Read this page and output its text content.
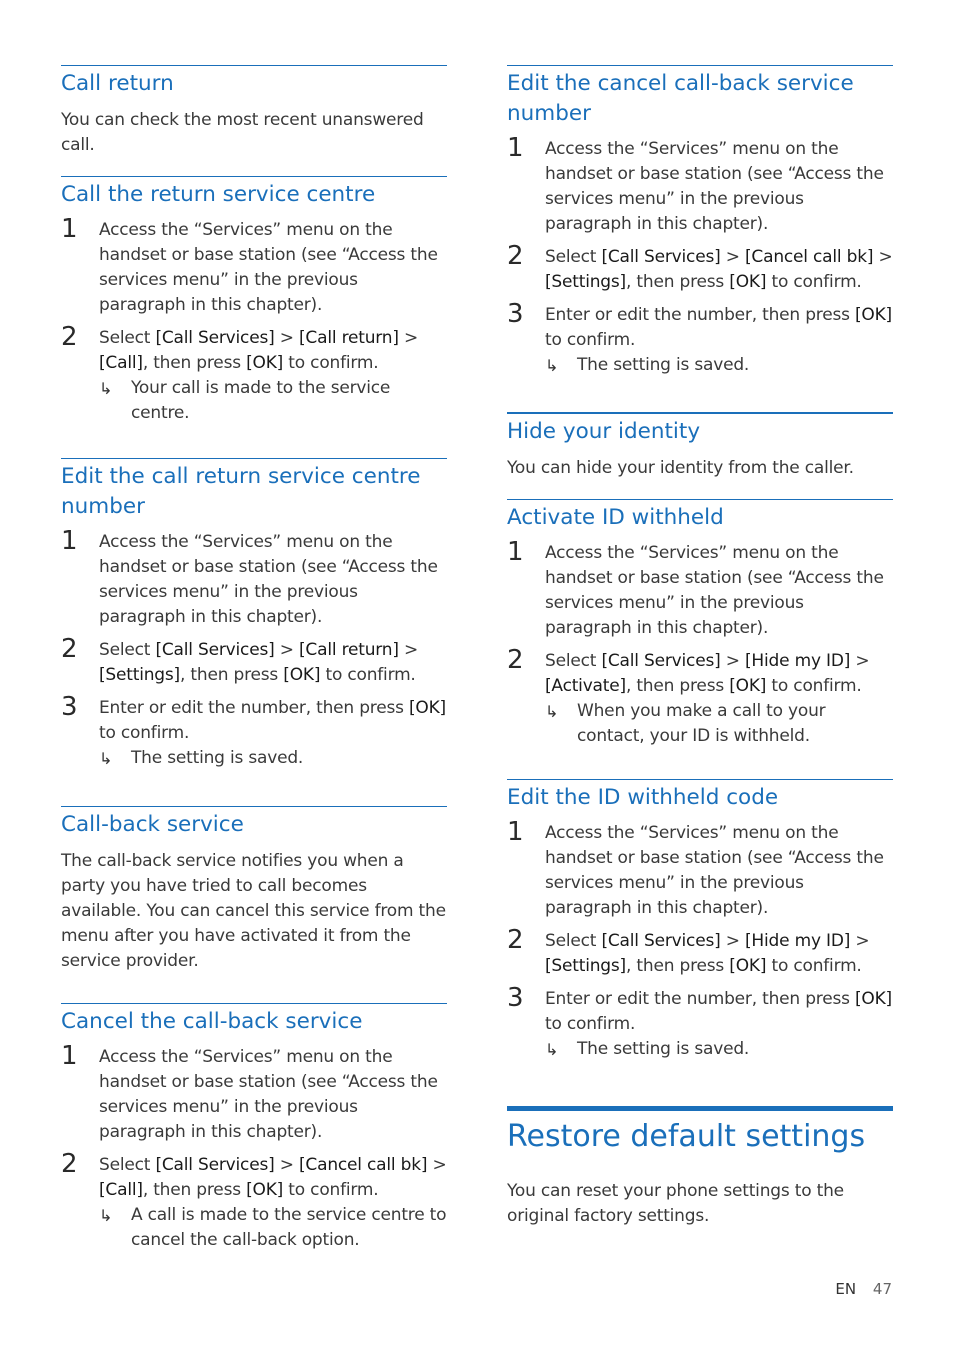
Call return

You can check the most recent unanswered call.

Call the return service centre
1	Access the “Services” menu on the handset or base station (see “Access the services menu” in the previous paragraph in this chapter).
2	Select [Call Services] > [Call return] > [Call], then press [OK] to confirm.
↳	Your call is made to the service centre.
Edit the call return service centre number
1	Access the “Services” menu on the handset or base station (see “Access the services menu” in the previous paragraph in this chapter).
2	Select [Call Services] > [Call return] > [Settings], then press [OK] to confirm.
3	Enter or edit the number, then press [OK] to confirm.
↳	The setting is saved.
Call-back service

The call-back service notifies you when a party you have tried to call becomes available. You can cancel this service from the menu after you have activated it from the service provider.

Cancel the call-back service
1	Access the “Services” menu on the handset or base station (see “Access the services menu” in the previous paragraph in this chapter).
2	Select [Call Services] > [Cancel call bk] > [Call], then press [OK] to confirm.
↳	A call is made to the service centre to cancel the call-back option.
Edit the cancel call-back service number
1	Access the “Services” menu on the handset or base station (see “Access the services menu” in the previous paragraph in this chapter).
2	Select [Call Services] > [Cancel call bk] > [Settings], then press [OK] to confirm.
3	Enter or edit the number, then press [OK] to confirm.
↳	The setting is saved.
Hide your identity

You can hide your identity from the caller.

Activate ID withheld
1	Access the “Services” menu on the handset or base station (see “Access the services menu” in the previous paragraph in this chapter).
2	Select [Call Services] > [Hide my ID] > [Activate], then press [OK] to confirm.
↳	When you make a call to your contact, your ID is withheld.
Edit the ID withheld code
1	Access the “Services” menu on the handset or base station (see “Access the services menu” in the previous paragraph in this chapter).
2	Select [Call Services] > [Hide my ID] > [Settings], then press [OK] to confirm.
3	Enter or edit the number, then press [OK] to confirm.
↳	The setting is saved.
Restore default settings

You can reset your phone settings to the original factory settings.

EN 47
